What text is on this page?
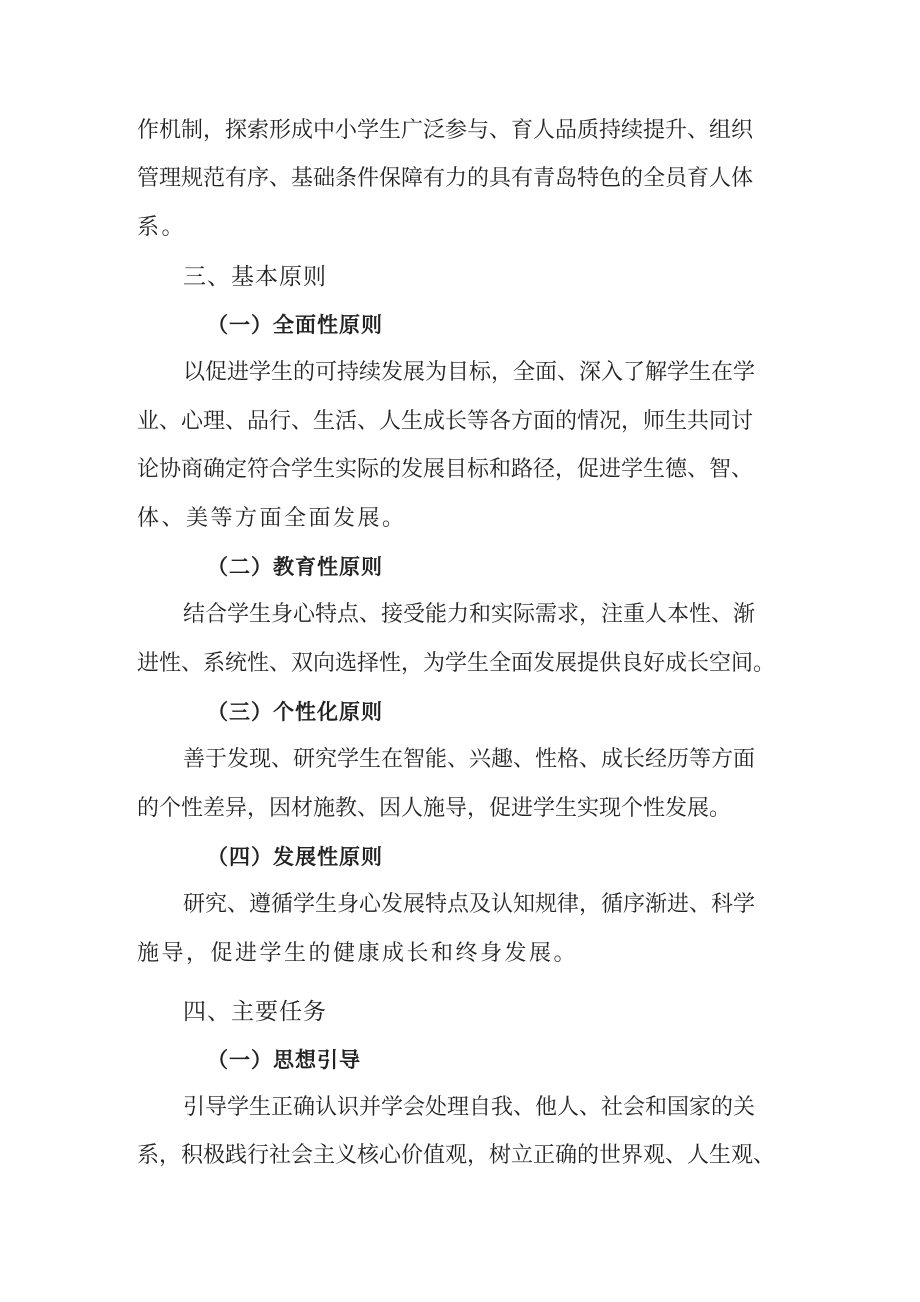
作机制，探索形成中小学生广泛参与、育人品质持续提升、组织
管理规范有序、基础条件保障有力的具有青岛特色的全员育人体
系。
三、基本原则
（一）全面性原则
以促进学生的可持续发展为目标，全面、深入了解学生在学
业、心理、品行、生活、人生成长等各方面的情况，师生共同讨
论协商确定符合学生实际的发展目标和路径，促进学生德、智、
体、美等方面全面发展。
（二）教育性原则
结合学生身心特点、接受能力和实际需求，注重人本性、渐
进性、系统性、双向选择性，为学生全面发展提供良好成长空间。
（三）个性化原则
善于发现、研究学生在智能、兴趣、性格、成长经历等方面
的个性差异，因材施教、因人施导，促进学生实现个性发展。
（四）发展性原则
研究、遵循学生身心发展特点及认知规律，循序渐进、科学
施导，促进学生的健康成长和终身发展。
四、主要任务
（一）思想引导
引导学生正确认识并学会处理自我、他人、社会和国家的关
系，积极践行社会主义核心价值观，树立正确的世界观、人生观、
